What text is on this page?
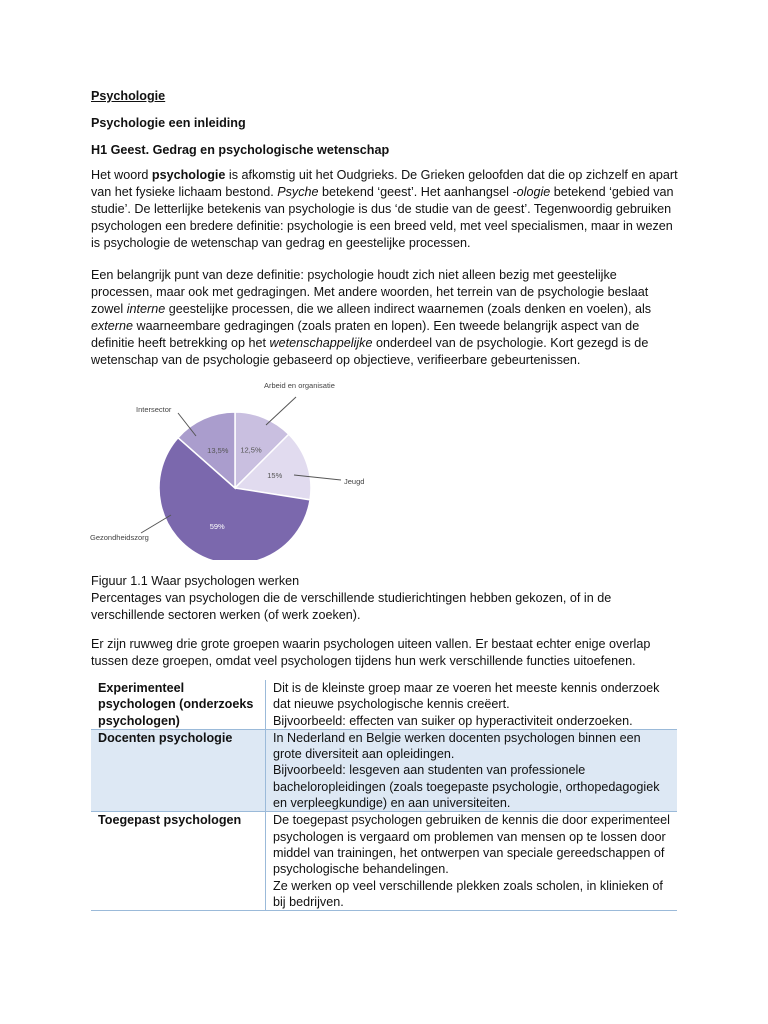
Psychologie

Psychologie een inleiding

H1 Geest. Gedrag en psychologische wetenschap

Het woord psychologie is afkomstig uit het Oudgrieks. De Grieken geloofden dat die op zichzelf en apart van het fysieke lichaam bestond. Psyche betekend ‘geest’. Het aanhangsel -ologie betekend ‘gebied van studie’. De letterlijke betekenis van psychologie is dus ‘de studie van de geest’. Tegenwoordig gebruiken psychologen een bredere definitie: psychologie is een breed veld, met veel specialismen, maar in wezen is psychologie de wetenschap van gedrag en geestelijke processen.

Een belangrijk punt van deze definitie: psychologie houdt zich niet alleen bezig met geestelijke processen, maar ook met gedragingen. Met andere woorden, het terrein van de psychologie beslaat zowel interne geestelijke processen, die we alleen indirect waarnemen (zoals denken en voelen), als externe waarneembare gedragingen (zoals praten en lopen). Een tweede belangrijk aspect van de definitie heeft betrekking op het wetenschappelijke onderdeel van de psychologie. Kort gezegd is de wetenschap van de psychologie gebaseerd op objectieve, verifieerbare gebeurtenissen.

12,5%
Arbeid en organisatie
15%
Jeugd
59%
Gezondheidszorg
13,5%
Intersector

Figuur 1.1 Waar psychologen werken

Percentages van psychologen die de verschillende studierichtingen hebben gekozen, of in de verschillende sectoren werken (of werk zoeken).

Er zijn ruwweg drie grote groepen waarin psychologen uiteen vallen. Er bestaat echter enige overlap tussen deze groepen, omdat veel psychologen tijdens hun werk verschillende functies uitoefenen.

Experimenteel psychologen (onderzoeks psychologen)	Dit is de kleinste groep maar ze voeren het meeste kennis onderzoek dat nieuwe psychologische kennis creëert.
Bijvoorbeeld: effecten van suiker op hyperactiviteit onderzoeken.

Docenten psychologie	In Nederland en Belgie werken docenten psychologen binnen een grote diversiteit aan opleidingen.
Bijvoorbeeld: lesgeven aan studenten van professionele bacheloropleidingen (zoals toegepaste psychologie, orthopedagogiek en verpleegkundige) en aan universiteiten.

Toegepast psychologen	De toegepast psychologen gebruiken de kennis die door experimenteel psychologen is vergaard om problemen van mensen op te lossen door middel van trainingen, het ontwerpen van speciale gereedschappen of psychologische behandelingen.
Ze werken op veel verschillende plekken zoals scholen, in klinieken of bij bedrijven.
